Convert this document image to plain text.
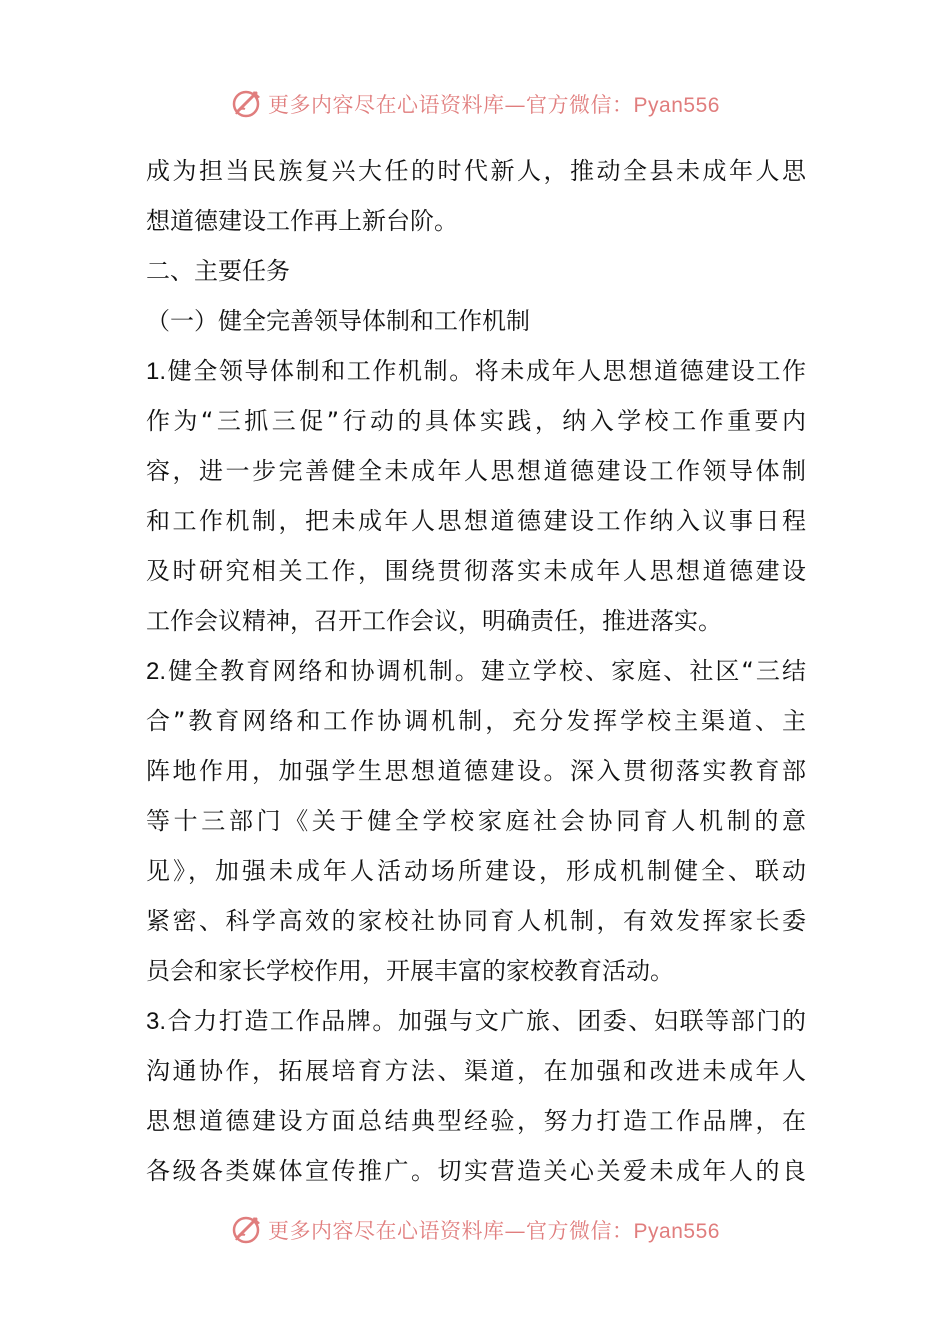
更多内容尽在心语资料库—官方微信：Pyan556
成为担当民族复兴大任的时代新人，推动全县未成年人思
想道德建设工作再上新台阶。
二、主要任务
（一）健全完善领导体制和工作机制
1.健全领导体制和工作机制。将未成年人思想道德建设工作
作为“三抓三促”行动的具体实践，纳入学校工作重要内
容，进一步完善健全未成年人思想道德建设工作领导体制
和工作机制，把未成年人思想道德建设工作纳入议事日程
及时研究相关工作，围绕贯彻落实未成年人思想道德建设
工作会议精神，召开工作会议，明确责任，推进落实。
2.健全教育网络和协调机制。建立学校、家庭、社区“三结
合”教育网络和工作协调机制，充分发挥学校主渠道、主
阵地作用，加强学生思想道德建设。深入贯彻落实教育部
等十三部门《关于健全学校家庭社会协同育人机制的意
见》，加强未成年人活动场所建设，形成机制健全、联动
紧密、科学高效的家校社协同育人机制，有效发挥家长委
员会和家长学校作用，开展丰富的家校教育活动。
3.合力打造工作品牌。加强与文广旅、团委、妇联等部门的
沟通协作，拓展培育方法、渠道，在加强和改进未成年人
思想道德建设方面总结典型经验，努力打造工作品牌，在
各级各类媒体宣传推广。切实营造关心关爱未成年人的良
更多内容尽在心语资料库—官方微信：Pyan556
